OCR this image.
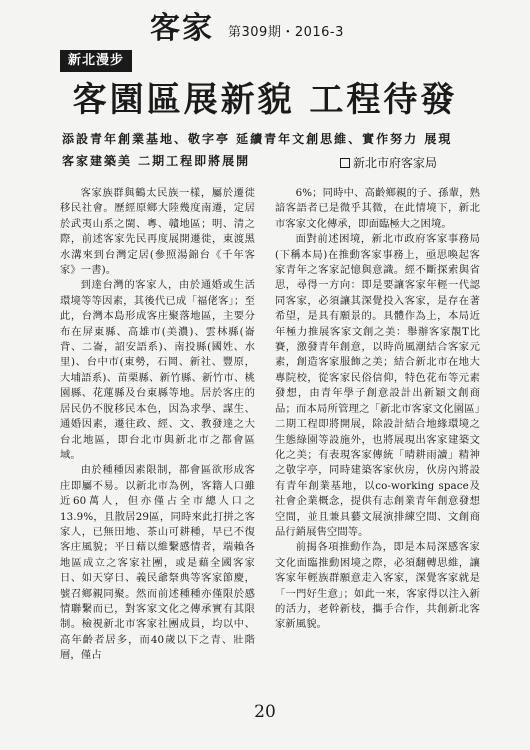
客家 第309期・2016-3
新北漫步
客園區展新貌 工程待發
添設青年創業基地、敬字亭 延續青年文創思維、實作努力 展現
客家建築美 二期工程即將展開	新北市府客家局

客家族群與鶴太民族一樣，屬於遷徙移民社會。歷經原鄉大陸幾度南遷，定居於武夷山系之閩、粵、贛地區；明、清之際，前述客家先民再度展開遷徙，東渡黑水溝來到台灣定居(參照湯錦台《千年客家》一書)。

到達台灣的客家人，由於通婚或生活環境等等因素，其後代已成「福佬客」；至此，台灣本島形成客庄聚落地區，主要分布在屏東縣、高雄市(美濃)、雲林縣(崙背、二崙，詔安語系)、南投縣(國姓、水里)、台中市(東勢，石岡、新社、豐原，大埔語系)、苗栗縣、新竹縣、新竹市、桃園縣、花蓮縣及台東縣等地。居於客庄的居民仍不脫移民本色，因為求學、謀生、通婚因素，遷往政、經、文、教發達之大台北地區，即台北市與新北市之都會區域。

由於種種因素限制，都會區欲形成客庄即屬不易。以新北市為例，客籍人口雖近60萬人，但亦僅占全市總人口之13.9%，且散居29區，同時來此打拼之客家人，已無田地、茶山可耕種，早已不復客庄風貌；平日藉以維繫感情者，端賴各地區成立之客家社團，或是藉全國客家日、如天穿日、義民爺祭典等客家節慶，號召鄉親同聚。然而前述種種亦僅限於感情聯繫而已，對客家文化之傳承實有其限制。檢視新北市客家社團成員，均以中、高年齡者居多，而40歲以下之青、壯階層，僅占

6%；同時中、高齡鄉親的子、孫輩，熟諳客語者已是微乎其微，在此情境下，新北市客家文化傳承，即面臨極大之困境。

面對前述困境，新北市政府客家事務局(下稱本局)在推動客家事務上，亟思喚起客家青年之客家記憶與意識。經不斷探索與省思，尋得一方向：即是要讓客家年輕一代認同客家，必須讓其深覺投入客家，是存在著希望，是具有願景的。具體作為上，本局近年極力推展客家文創之美：舉辦客家靚T比賽，激發青年創意，以時尚風潮結合客家元素，創造客家服飾之美；結合新北市在地大專院校，從客家民俗信仰，特色花布等元素發想，由青年學子創意設計出新穎文創商品；而本局所管理之「新北市客家文化園區」二期工程即將開展，除設計結合地緣環境之生態綠園等設施外，也將展現出客家建築文化之美；有表現客家傳統「晴耕雨讀」精神之敬字亭，同時建築客家伙房，伙房內將設有青年創業基地，以co-working space及社會企業概念，提供有志創業青年創意發想空間，並且兼具藝文展演排練空間、文創商品行銷展售空間等。

前揭各項推動作為，即是本局深感客家文化面臨推動困境之際，必須翻轉思維，讓客家年輕族群願意走入客家，深覺客家就是「一門好生意」；如此一來，客家得以注入新的活力，老幹新枝，攜手合作，共創新北客家新風貌。

20
